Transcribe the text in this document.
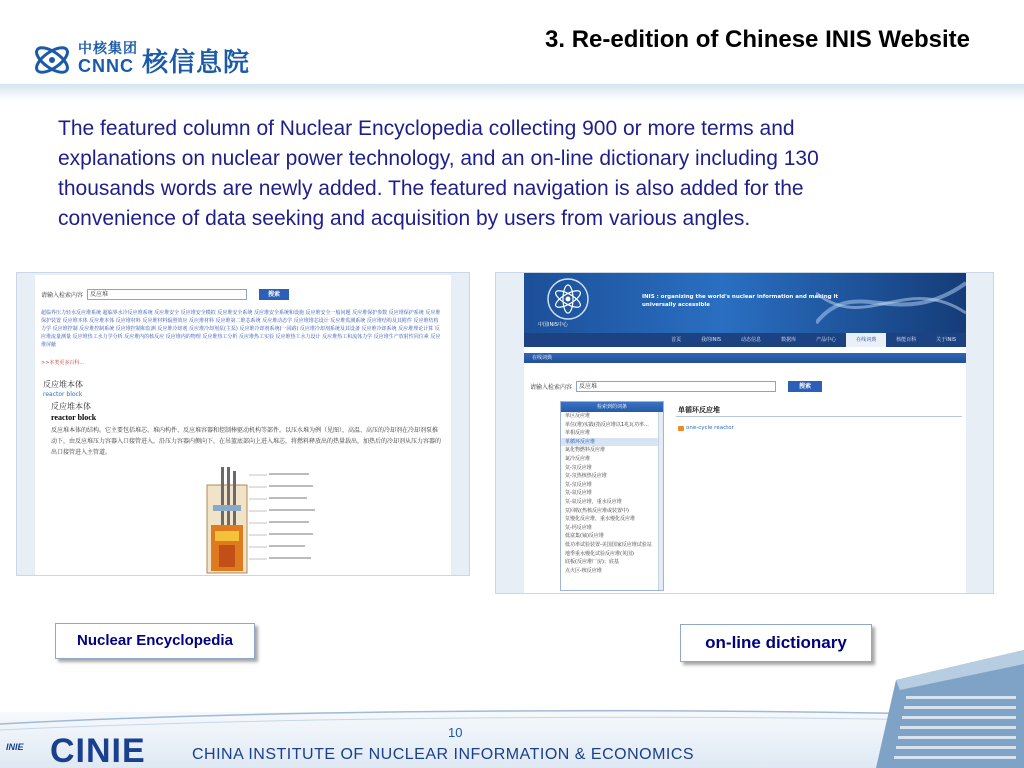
中核集团
CNNC 核信息院
3. Re-edition of Chinese INIS Website
The featured column of Nuclear Encyclopedia collecting 900 or more terms and explanations on nuclear power technology, and an on-line dictionary including 130 thousands words are newly added. The featured navigation is also added for the convenience of data seeking and acquisition by users from various angles.
请输入检索内容	反应堆	搜索
超临界压力轻水反应堆系统 超临界水冷反应堆系统 反应堆安全 反应堆安全模拟 反应堆安全系统 反应堆安全系统和设施 反应堆安全一般问题 反应堆保护参数 反应堆保护系统 反应堆保护装置 反应堆本体 反应堆本体 反应堆材料 反应堆材料辐照效应 反应堆材料 反应堆第二堆芯系统 反应堆动态学 反应堆堆芯设计 反应堆监测系统 反应堆结构及其附件 反应堆结构力学 反应堆控制 反应堆控制系统 反应堆控制和监测 反应堆冷却剂 反应堆冷却剂泵(主泵) 反应堆冷却剂系统(一回路) 反应堆冷却剂系统及其设备 反应堆冷却系统 反应堆理论计算 反应堆流量测量 反应堆热工水力学分析 反应堆内的核反应 反应堆内的物理 反应堆热工分析 反应堆热工实验 反应堆热工水力设计 反应堆热工和流体力学 反应堆生产放射性同位素 反应堆屏蔽
>>本类更多百科...
反应堆本体
reactor block
反应堆本体
reactor block
反应堆本体的结构。它主要包括堆芯、堆内构件、反应堆容器和控制棒驱动机构等部件。以压水堆为例（见图），高温、高压的冷却剂在冷却剂泵推动下，由反应堆压力容器入口接管进入，沿压力容器内侧向下，在吊篮底部向上进入堆芯，将燃料释放出的热量载出，加热后的冷却剂从压力容器的出口接管进入主管道。
INIS : organizing the world's nuclear information and making it universally accessible
中国INIS中心
首页	我的INIS	动态信息	数据库	产品中心	在线词典	核能百科	关于INIS
在线词典
请输入检索内容	反应堆	搜索
检索到的词条
单区反应堆
单位(堆)实践(指反应堆以1兆瓦功率...
单相反应堆
单循环反应堆
氮化物燃料反应堆
氮冷反应堆
氘-氘反应堆
氘-氘热核热反应堆
氘-氘反应堆
氘-氚反应堆
氘-氚反应堆，重水反应堆
氘回收(热核反应堆或装置中)
氘慢化反应堆，重水慢化反应堆
氘-钙反应堆
低富集(铀)反应堆
低功率试验装置-美国国家反应堆试验站
地季重水慢化试验反应堆(英国)
底板(反应堆厂房)；底基
点火区-核反应堆
单循环反应堆
one-cycle reactor
Nuclear Encyclopedia	on-line dictionary
10
INIE CINIE	CHINA INSTITUTE OF NUCLEAR INFORMATION & ECONOMICS
